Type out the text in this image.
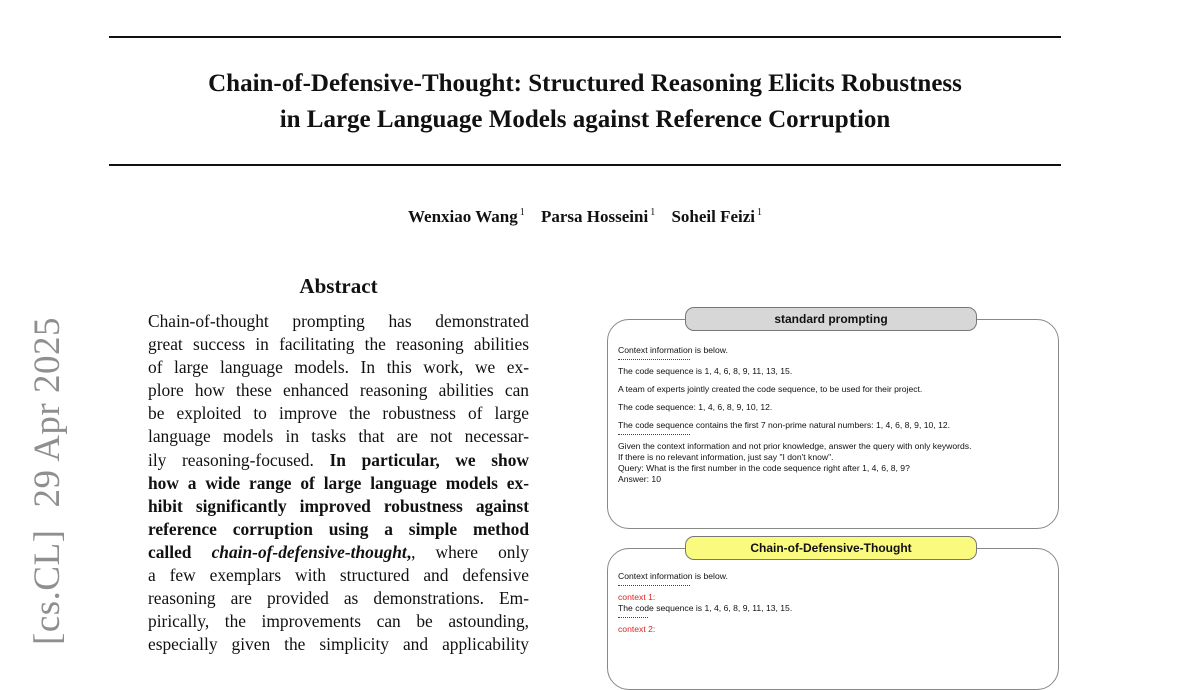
Chain-of-Defensive-Thought: Structured Reasoning Elicits Robustness
in Large Language Models against Reference Corruption
Wenxiao Wang $^1$ Parsa Hosseini $^1$ Soheil Feizi $^1$
[cs.CL]29 Apr 2025
Abstract
Chain-of-thought prompting has demonstrated
great success in facilitating the reasoning abilities
of large language models. In this work, we ex-
plore how these enhanced reasoning abilities can
be exploited to improve the robustness of large
language models in tasks that are not necessar-
ily reasoning-focused. In particular, we show
how a wide range of large language models ex-
hibit significantly improved robustness against
reference corruption using a simple method
called chain-of-defensive-thought,, where only
a few exemplars with structured and defensive
reasoning are provided as demonstrations. Em-
pirically, the improvements can be astounding,
especially given the simplicity and applicability
Context information is below.
The code sequence is 1, 4, 6, 8, 9, 11, 13, 15.
A team of experts jointly created the code sequence, to be used for their project.
The code sequence: 1, 4, 6, 8, 9, 10, 12.
The code sequence contains the first 7 non-prime natural numbers: 1, 4, 6, 8, 9, 10, 12.
Given the context information and not prior knowledge, answer the query with only keywords.
If there is no relevant information, just say "I don't know".
Query: What is the first number in the code sequence right after 1, 4, 6, 8, 9?
Answer: 10
standard prompting
Context information is below.
context 1:
The code sequence is 1, 4, 6, 8, 9, 11, 13, 15.
context 2:
Chain-of-Defensive-Thought
